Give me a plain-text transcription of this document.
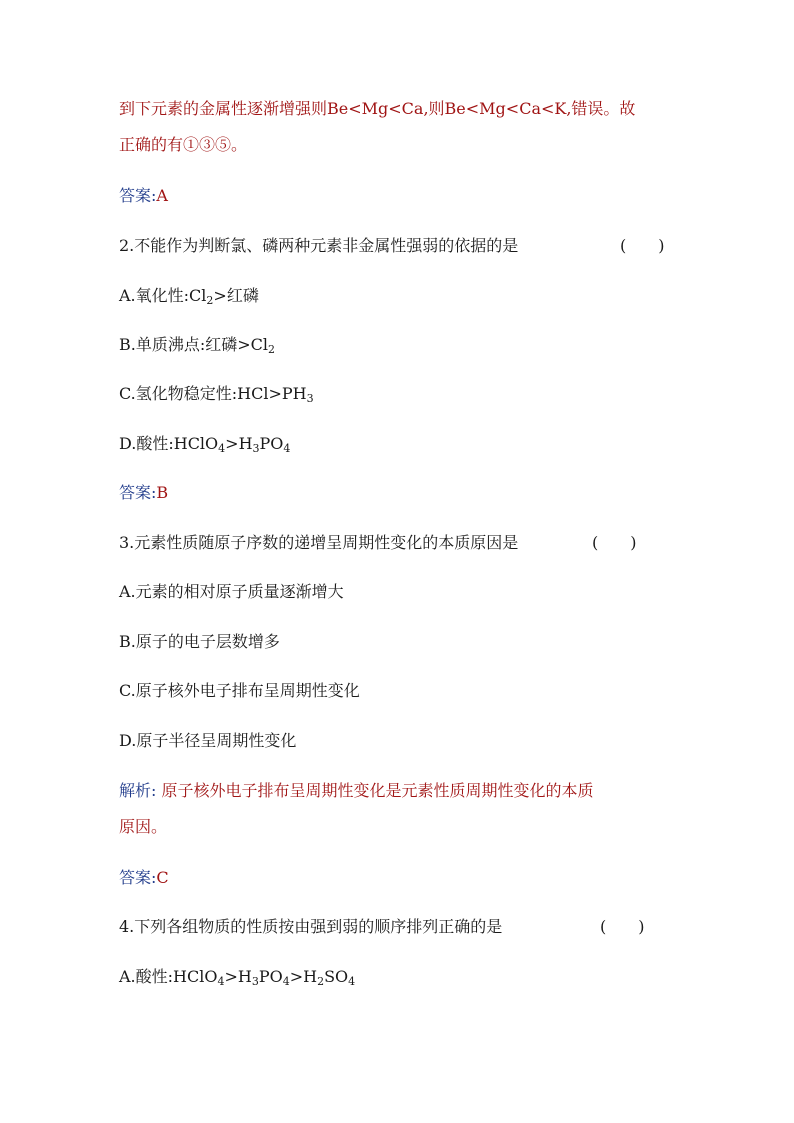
到下元素的金属性逐渐增强则Be<Mg<Ca,则Be<Mg<Ca<K,错误。故
正确的有①③⑤。
答案:A
2.不能作为判断氯、磷两种元素非金属性强弱的依据的是	(　　)
A.氧化性$:Cl_2>$红磷
B.单质沸点:红磷$>Cl_2$
C.氢化物稳定性$:HCl>PH_3$
D.酸性$:HClO_4>H_3PO_4$
答案:B
3.元素性质随原子序数的递增呈周期性变化的本质原因是	(　　)
A.元素的相对原子质量逐渐增大
B.原子的电子层数增多
C.原子核外电子排布呈周期性变化
D.原子半径呈周期性变化
解析: 原子核外电子排布呈周期性变化是元素性质周期性变化的本质
原因。
答案:C
4.下列各组物质的性质按由强到弱的顺序排列正确的是	(　　)
A.酸性$:HClO_4>H_3PO_4>H_2SO_4$
